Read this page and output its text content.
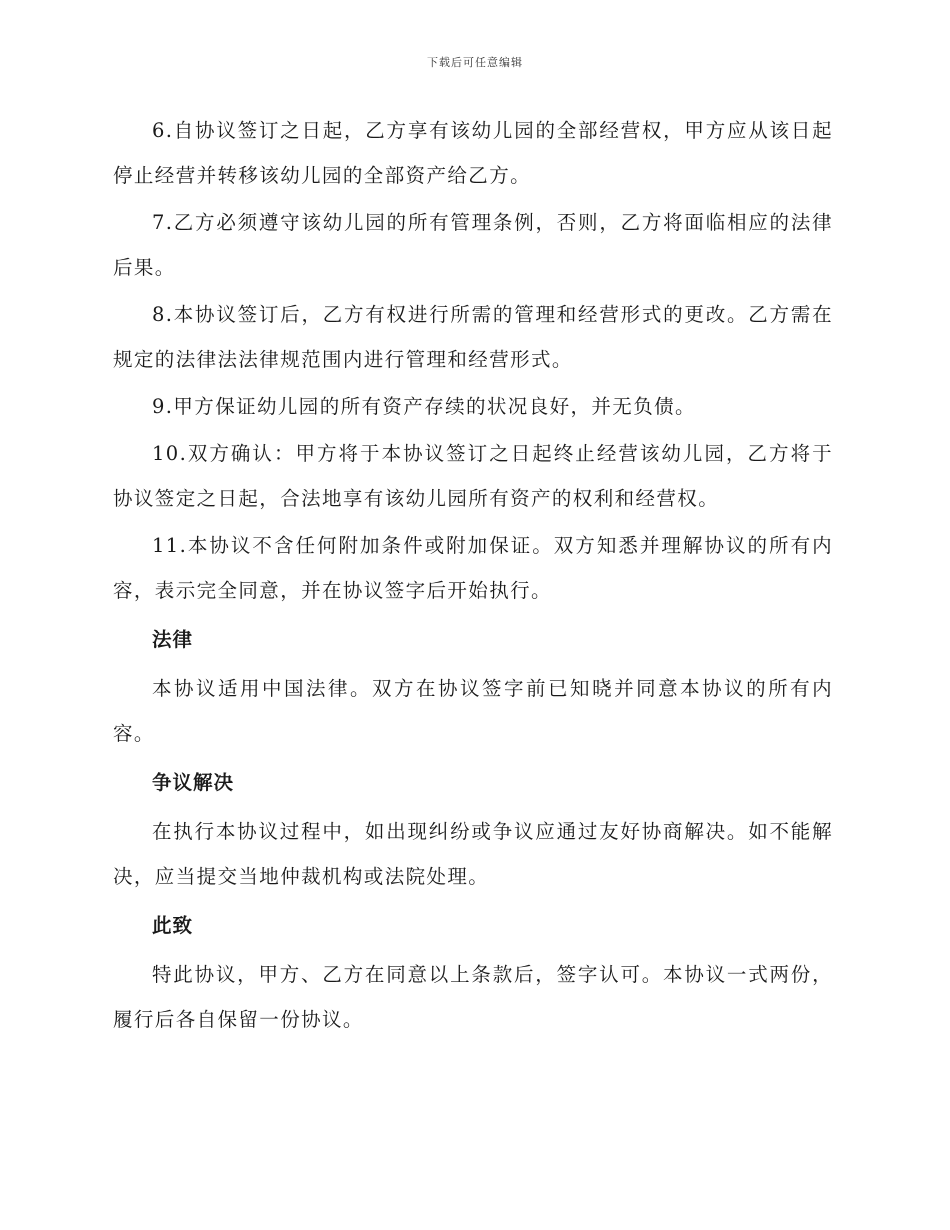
下载后可任意编辑

6.自协议签订之日起，乙方享有该幼儿园的全部经营权，甲方应从该日起停止经营并转移该幼儿园的全部资产给乙方。

7.乙方必须遵守该幼儿园的所有管理条例，否则，乙方将面临相应的法律后果。

8.本协议签订后，乙方有权进行所需的管理和经营形式的更改。乙方需在规定的法律法法律规范围内进行管理和经营形式。

9.甲方保证幼儿园的所有资产存续的状况良好，并无负债。

10.双方确认：甲方将于本协议签订之日起终止经营该幼儿园，乙方将于协议签定之日起，合法地享有该幼儿园所有资产的权利和经营权。

11.本协议不含任何附加条件或附加保证。双方知悉并理解协议的所有内容，表示完全同意，并在协议签字后开始执行。

法律

本协议适用中国法律。双方在协议签字前已知晓并同意本协议的所有内容。

争议解决

在执行本协议过程中，如出现纠纷或争议应通过友好协商解决。如不能解决，应当提交当地仲裁机构或法院处理。

此致

特此协议，甲方、乙方在同意以上条款后，签字认可。本协议一式两份，履行后各自保留一份协议。
